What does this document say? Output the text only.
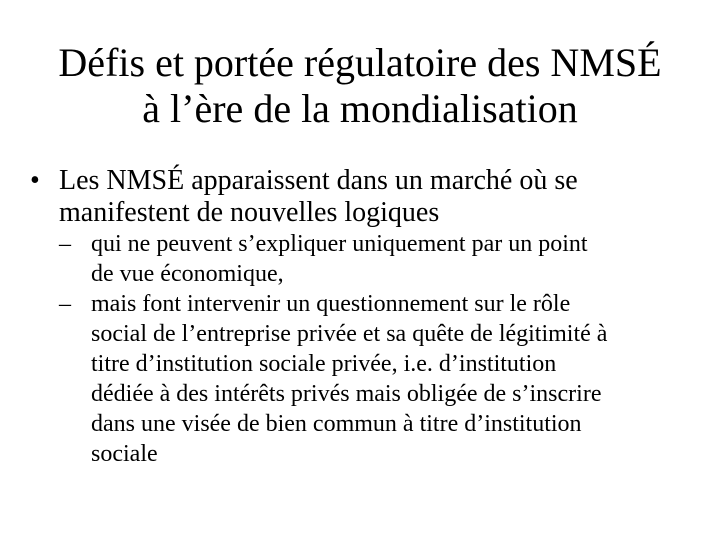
Défis et portée régulatoire des NMSÉ
à l’ère de la mondialisation
• Les NMSÉ apparaissent dans un marché où se
manifestent de nouvelles logiques
– qui ne peuvent s’expliquer uniquement par un point
de vue économique,
– mais font intervenir un questionnement sur le rôle
social de l’entreprise privée et sa quête de légitimité à
titre d’institution sociale privée, i.e. d’institution
dédiée à des intérêts privés mais obligée de s’inscrire
dans une visée de bien commun à titre d’institution
sociale
